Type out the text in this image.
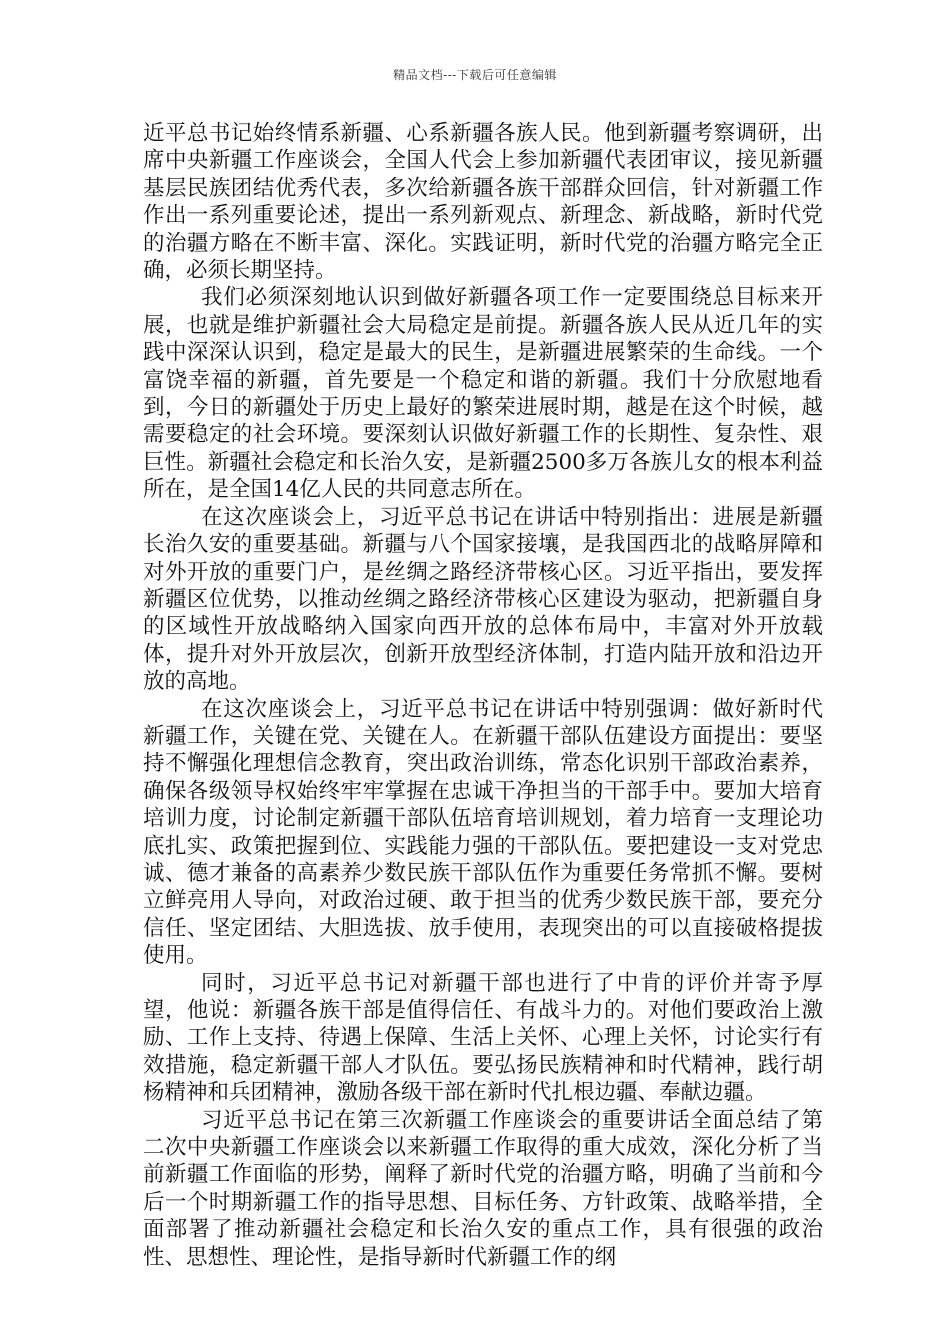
精品文档---下载后可任意编辑

近平总书记始终情系新疆、心系新疆各族人民。他到新疆考察调研，出席中央新疆工作座谈会，全国人代会上参加新疆代表团审议，接见新疆基层民族团结优秀代表，多次给新疆各族干部群众回信，针对新疆工作作出一系列重要论述，提出一系列新观点、新理念、新战略，新时代党的治疆方略在不断丰富、深化。实践证明，新时代党的治疆方略完全正确，必须长期坚持。

我们必须深刻地认识到做好新疆各项工作一定要围绕总目标来开展，也就是维护新疆社会大局稳定是前提。新疆各族人民从近几年的实践中深深认识到，稳定是最大的民生，是新疆进展繁荣的生命线。一个富饶幸福的新疆，首先要是一个稳定和谐的新疆。我们十分欣慰地看到，今日的新疆处于历史上最好的繁荣进展时期，越是在这个时候，越需要稳定的社会环境。要深刻认识做好新疆工作的长期性、复杂性、艰巨性。新疆社会稳定和长治久安，是新疆2500多万各族儿女的根本利益所在，是全国14亿人民的共同意志所在。

在这次座谈会上，习近平总书记在讲话中特别指出：进展是新疆长治久安的重要基础。新疆与八个国家接壤，是我国西北的战略屏障和对外开放的重要门户，是丝绸之路经济带核心区。习近平指出，要发挥新疆区位优势，以推动丝绸之路经济带核心区建设为驱动，把新疆自身的区域性开放战略纳入国家向西开放的总体布局中，丰富对外开放载体，提升对外开放层次，创新开放型经济体制，打造内陆开放和沿边开放的高地。

在这次座谈会上，习近平总书记在讲话中特别强调：做好新时代新疆工作，关键在党、关键在人。在新疆干部队伍建设方面提出：要坚持不懈强化理想信念教育，突出政治训练，常态化识别干部政治素养，确保各级领导权始终牢牢掌握在忠诚干净担当的干部手中。要加大培育培训力度，讨论制定新疆干部队伍培育培训规划，着力培育一支理论功底扎实、政策把握到位、实践能力强的干部队伍。要把建设一支对党忠诚、德才兼备的高素养少数民族干部队伍作为重要任务常抓不懈。要树立鲜亮用人导向，对政治过硬、敢于担当的优秀少数民族干部，要充分信任、坚定团结、大胆选拔、放手使用，表现突出的可以直接破格提拔使用。

同时，习近平总书记对新疆干部也进行了中肯的评价并寄予厚望，他说：新疆各族干部是值得信任、有战斗力的。对他们要政治上激励、工作上支持、待遇上保障、生活上关怀、心理上关怀，讨论实行有效措施，稳定新疆干部人才队伍。要弘扬民族精神和时代精神，践行胡杨精神和兵团精神，激励各级干部在新时代扎根边疆、奉献边疆。

习近平总书记在第三次新疆工作座谈会的重要讲话全面总结了第二次中央新疆工作座谈会以来新疆工作取得的重大成效，深化分析了当前新疆工作面临的形势，阐释了新时代党的治疆方略，明确了当前和今后一个时期新疆工作的指导思想、目标任务、方针政策、战略举措，全面部署了推动新疆社会稳定和长治久安的重点工作，具有很强的政治性、思想性、理论性，是指导新时代新疆工作的纲
